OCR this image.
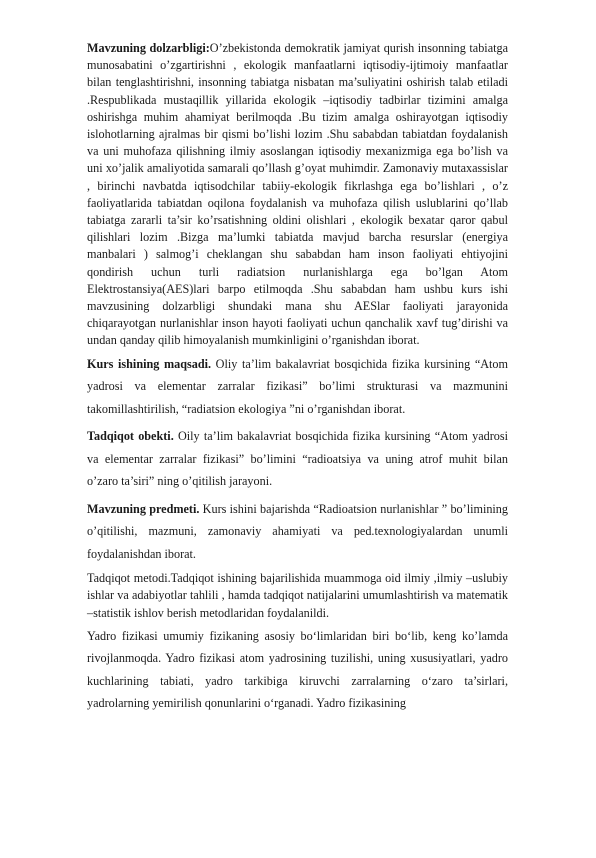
Mavzuning dolzarbligi:O’zbekistonda demokratik jamiyat qurish insonning tabiatga munosabatini o’zgartirishni , ekologik manfaatlarni iqtisodiy-ijtimoiy manfaatlar bilan tenglashtirishni, insonning tabiatga nisbatan ma’suliyatini oshirish talab etiladi .Respublikada mustaqillik yillarida ekologik –iqtisodiy tadbirlar tizimini amalga oshirishga muhim ahamiyat berilmoqda .Bu tizim amalga oshirayotgan iqtisodiy islohotlarning ajralmas bir qismi bo’lishi lozim .Shu sababdan tabiatdan foydalanish va uni muhofaza qilishning ilmiy asoslangan iqtisodiy mexanizmiga ega bo’lish va uni xo’jalik amaliyotida samarali qo’llash g’oyat muhimdir. Zamonaviy mutaxassislar , birinchi navbatda iqtisodchilar tabiiy-ekologik fikrlashga ega bo’lishlari , o’z faoliyatlarida tabiatdan oqilona foydalanish va muhofaza qilish uslublarini qo’llab tabiatga zararli ta’sir ko’rsatishning oldini olishlari , ekologik bexatar qaror qabul qilishlari lozim .Bizga ma’lumki tabiatda mavjud barcha resurslar (energiya manbalari ) salmog’i cheklangan shu sababdan ham inson faoliyati ehtiyojini qondirish uchun turli radiatsion nurlanishlarga ega bo’lgan Atom Elektrostansiya(AES)lari barpo etilmoqda .Shu sababdan ham ushbu kurs ishi mavzusining dolzarbligi shundaki mana shu AESlar faoliyati jarayonida chiqarayotgan nurlanishlar inson hayoti faoliyati uchun qanchalik xavf tug’dirishi va undan qanday qilib himoyalanish mumkinligini o’rganishdan iborat.

Kurs ishining maqsadi. Oliy ta’lim bakalavriat bosqichida fizika kursining “Atom yadrosi va elementar zarralar fizikasi” bo’limi strukturasi va mazmunini takomillashtirilish, “radiatsion ekologiya ”ni o’rganishdan iborat.

Tadqiqot obekti. Oily ta’lim bakalavriat bosqichida fizika kursining “Atom yadrosi va elementar zarralar fizikasi” bo’limini “radioatsiya va uning atrof muhit bilan o’zaro ta’siri” ning o’qitilish jarayoni.

Mavzuning predmeti. Kurs ishini bajarishda “Radioatsion nurlanishlar ” bo’limining o’qitilishi, mazmuni, zamonaviy ahamiyati va ped.texnologiyalardan unumli foydalanishdan iborat.

Tadqiqot metodi.Tadqiqot ishining bajarilishida muammoga oid ilmiy ,ilmiy –uslubiy ishlar va adabiyotlar tahlili , hamda tadqiqot natijalarini umumlashtirish va matematik –statistik ishlov berish metodlaridan foydalanildi.

Yadro fizikasi umumiy fizikaning asosiy bo‘limlaridan biri bo‘lib, keng ko’lamda rivojlanmoqda. Yadro fizikasi atom yadrosining tuzilishi, uning xususiyatlari, yadro kuchlarining tabiati, yadro tarkibiga kiruvchi zarralarning o‘zaro ta’sirlari, yadrolarning yemirilish qonunlarini o‘rganadi. Yadro fizikasining
